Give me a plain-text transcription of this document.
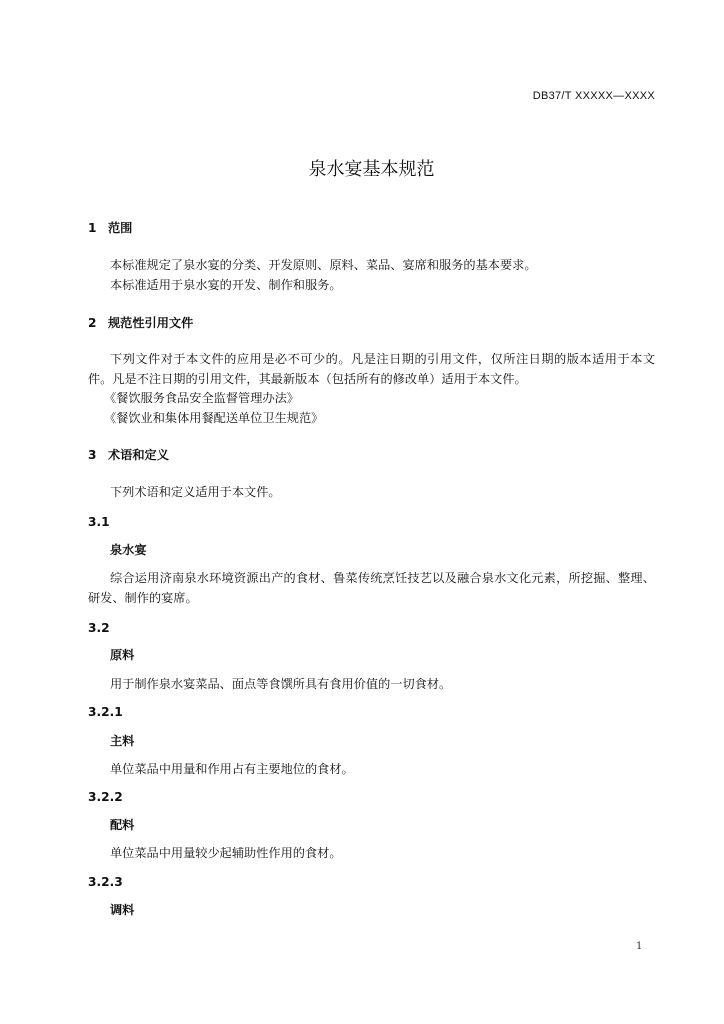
DB37/T XXXXX—XXXX
泉水宴基本规范
1 范围
本标准规定了泉水宴的分类、开发原则、原料、菜品、宴席和服务的基本要求。
本标准适用于泉水宴的开发、制作和服务。
2 规范性引用文件
下列文件对于本文件的应用是必不可少的。凡是注日期的引用文件，仅所注日期的版本适用于本文
件。凡是不注日期的引用文件，其最新版本（包括所有的修改单）适用于本文件。
《餐饮服务食品安全监督管理办法》
《餐饮业和集体用餐配送单位卫生规范》
3 术语和定义
下列术语和定义适用于本文件。
3.1
泉水宴
综合运用济南泉水环境资源出产的食材、鲁菜传统烹饪技艺以及融合泉水文化元素，所挖掘、整理、
研发、制作的宴席。
3.2
原料
用于制作泉水宴菜品、面点等食馔所具有食用价值的一切食材。
3.2.1
主料
单位菜品中用量和作用占有主要地位的食材。
3.2.2
配料
单位菜品中用量较少起辅助性作用的食材。
3.2.3
调料
1
